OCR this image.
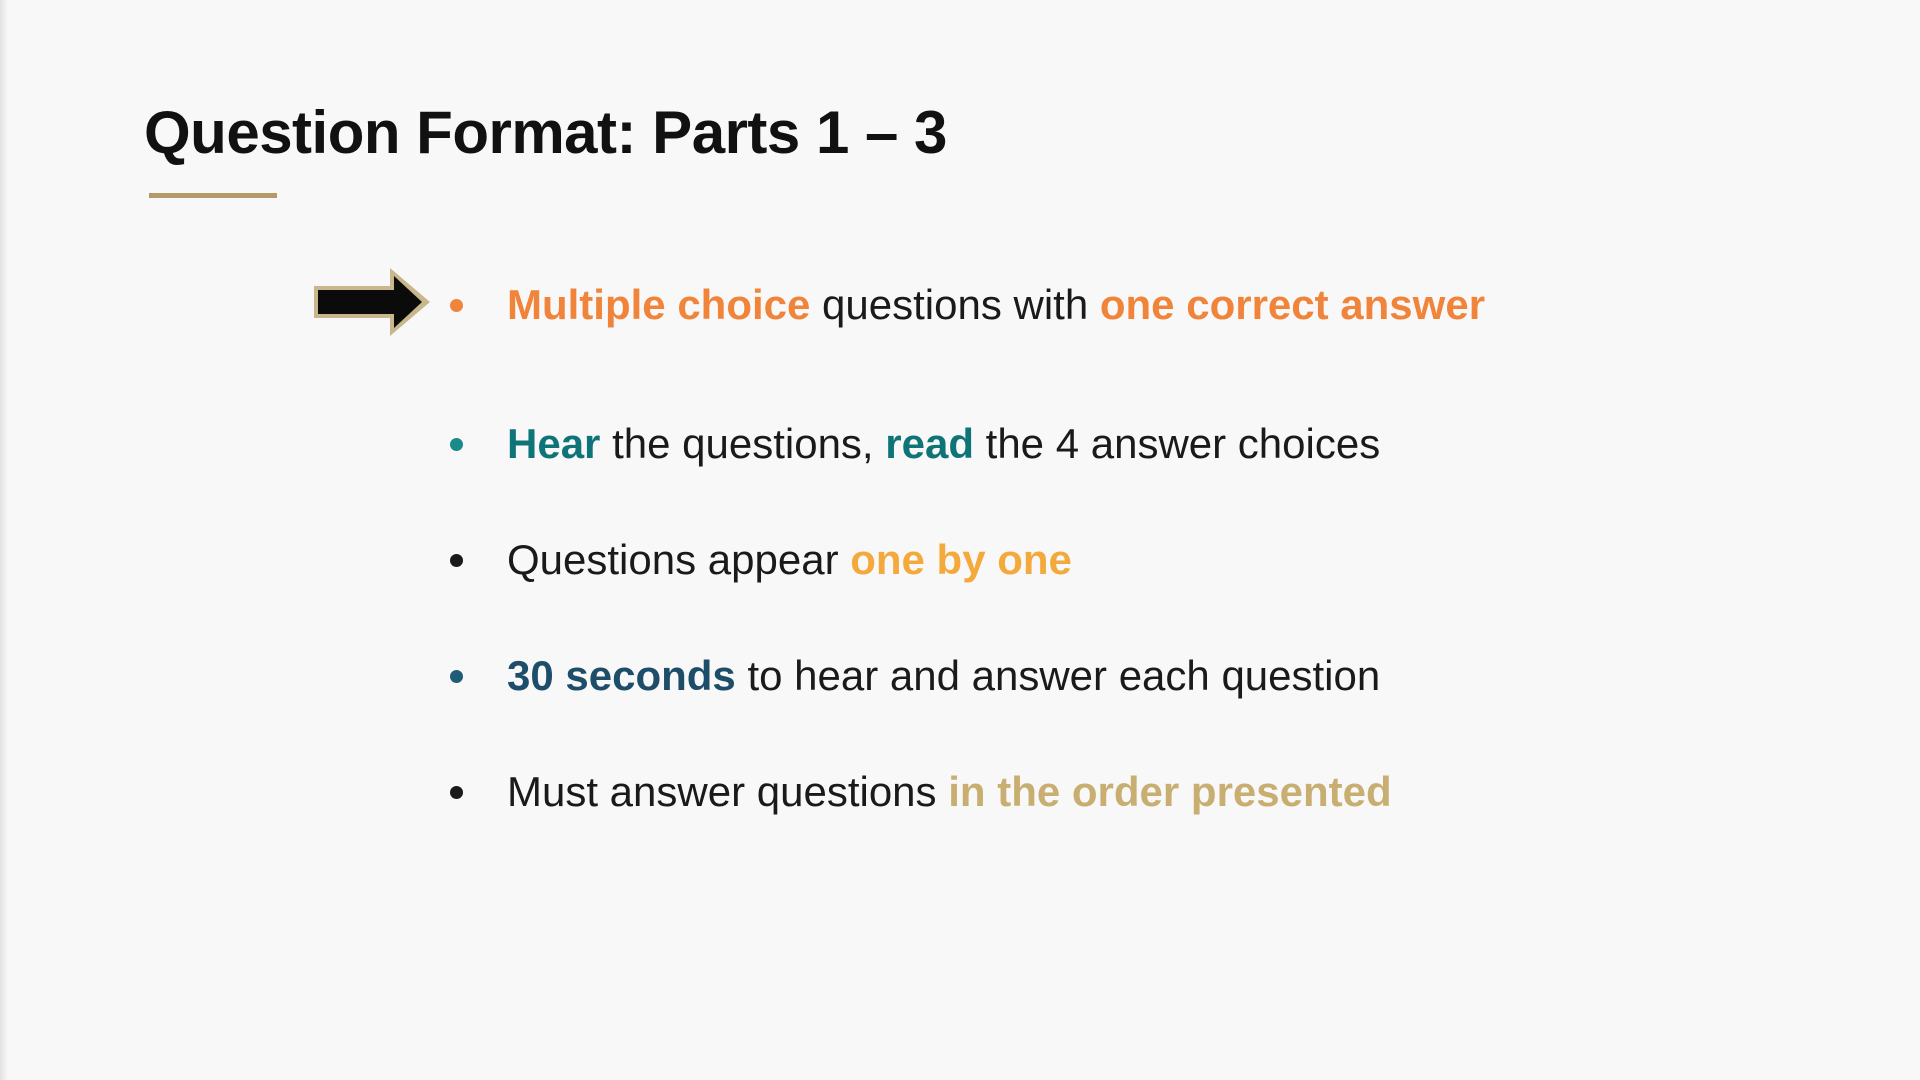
Question Format: Parts 1 – 3
Multiple choice questions with one correct answer
Hear the questions, read the 4 answer choices
Questions appear one by one
30 seconds to hear and answer each question
Must answer questions in the order presented
